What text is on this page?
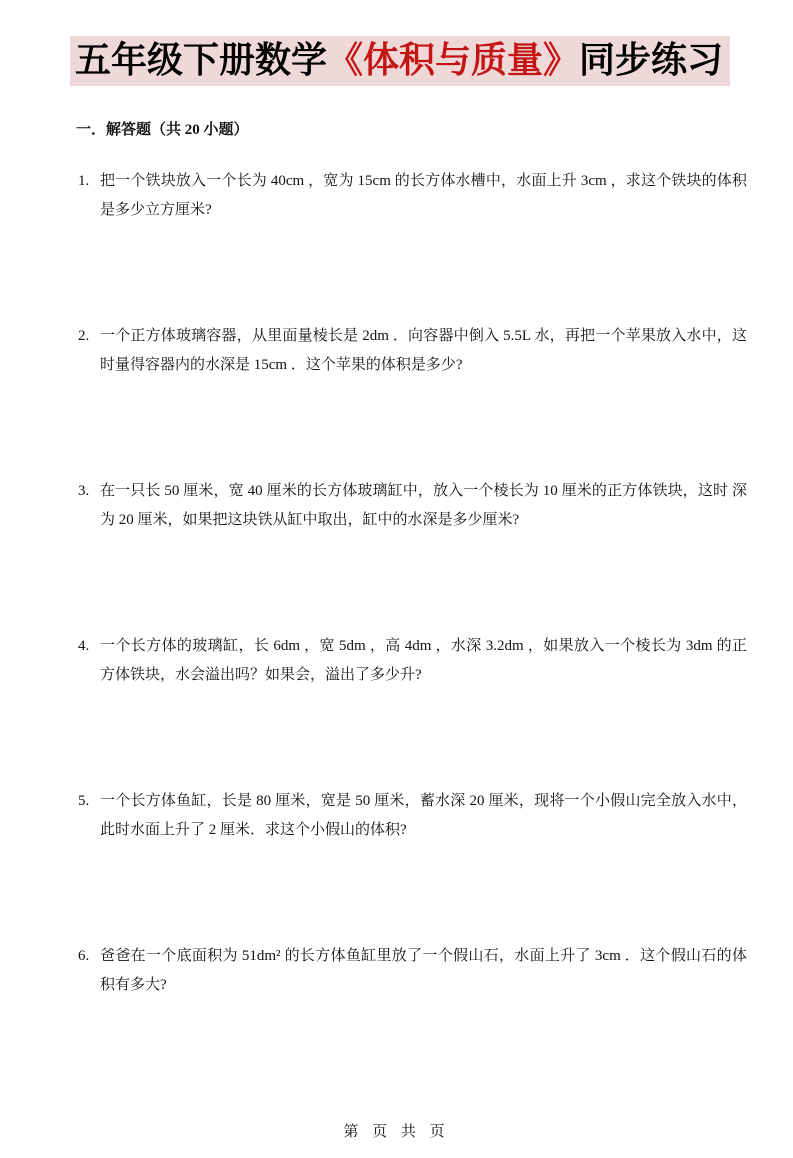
五年级下册数学《体积与质量》同步练习
一．解答题（共 20 小题）
1. 把一个铁块放入一个长为 40cm ，宽为 15cm 的长方体水槽中，水面上升 3cm ，求这个铁块的体积是多少立方厘米?
2. 一个正方体玻璃容器，从里面量棱长是 2dm ．向容器中倒入 5.5L 水，再把一个苹果放入水中，这时量得容器内的水深是 15cm ．这个苹果的体积是多少?
3. 在一只长 50 厘米，宽 40 厘米的长方体玻璃缸中，放入一个棱长为 10 厘米的正方体铁块，这时 深为 20 厘米，如果把这块铁从缸中取出，缸中的水深是多少厘米?
4. 一个长方体的玻璃缸，长 6dm ，宽 5dm ，高 4dm ，水深 3.2dm ，如果放入一个棱长为 3dm 的正方体铁块，水会溢出吗？如果会，溢出了多少升?
5. 一个长方体鱼缸，长是 80 厘米，宽是 50 厘米，蓄水深 20 厘米，现将一个小假山完全放入水中，此时水面上升了 2 厘米．求这个小假山的体积?
6. 爸爸在一个底面积为 51dm² 的长方体鱼缸里放了一个假山石，水面上升了 3cm ．这个假山石的体积有多大?
第 页 共 页
